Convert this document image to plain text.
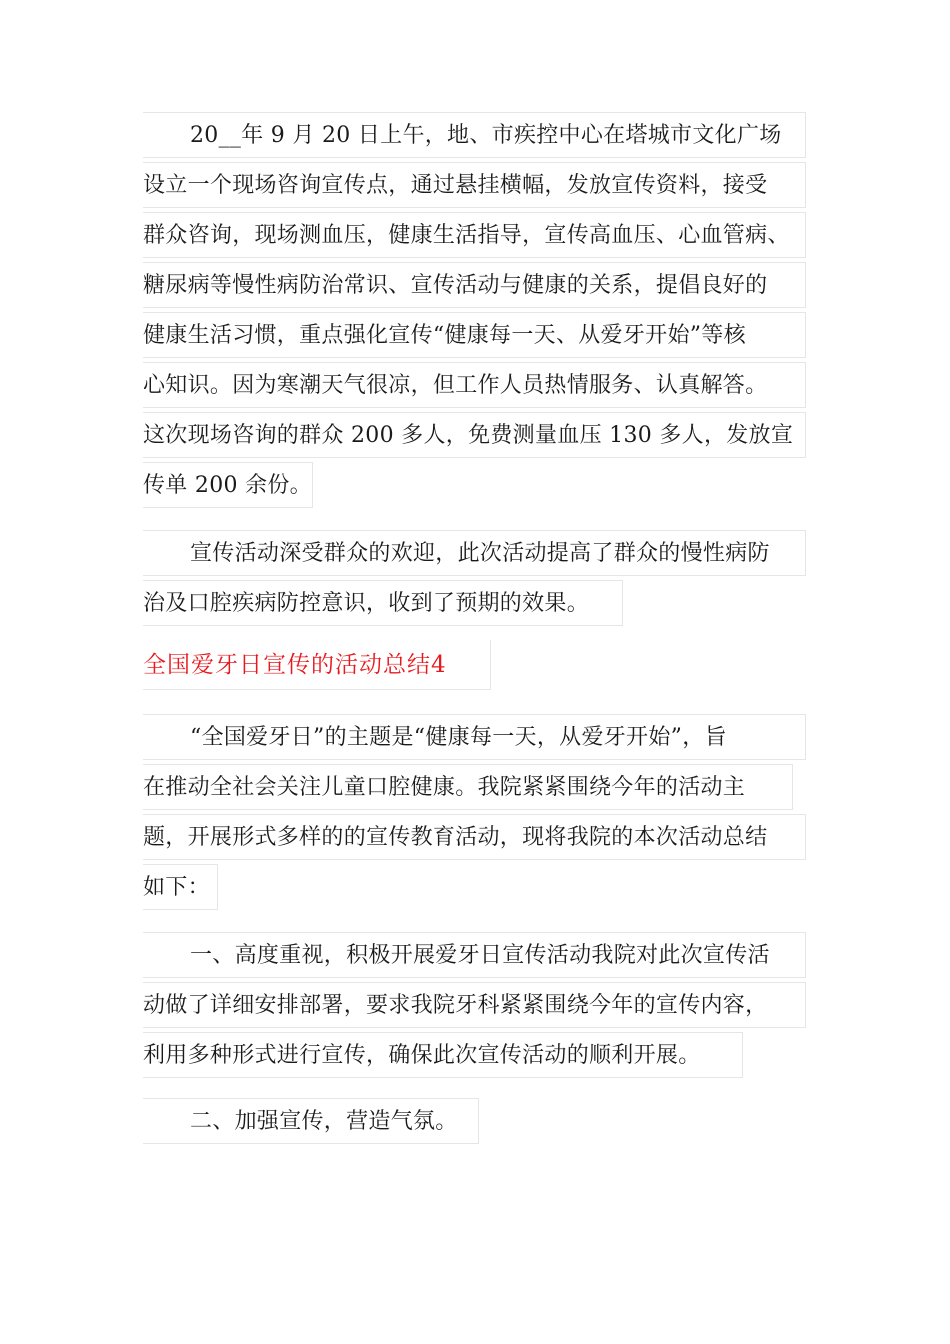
20__年 9 月 20 日上午，地、市疾控中心在塔城市文化广场
设立一个现场咨询宣传点，通过悬挂横幅，发放宣传资料，接受
群众咨询，现场测血压，健康生活指导，宣传高血压、心血管病、
糖尿病等慢性病防治常识、宣传活动与健康的关系，提倡良好的
健康生活习惯，重点强化宣传“健康每一天、从爱牙开始”等核
心知识。因为寒潮天气很凉，但工作人员热情服务、认真解答。
这次现场咨询的群众 200 多人，免费测量血压 130 多人，发放宣
传单 200 余份。
宣传活动深受群众的欢迎，此次活动提高了群众的慢性病防
治及口腔疾病防控意识，收到了预期的效果。
全国爱牙日宣传的活动总结4
“全国爱牙日”的主题是“健康每一天，从爱牙开始”，旨
在推动全社会关注儿童口腔健康。我院紧紧围绕今年的活动主
题，开展形式多样的的宣传教育活动，现将我院的本次活动总结
如下：
一、高度重视，积极开展爱牙日宣传活动我院对此次宣传活
动做了详细安排部署，要求我院牙科紧紧围绕今年的宣传内容，
利用多种形式进行宣传，确保此次宣传活动的顺利开展。
二、加强宣传，营造气氛。
